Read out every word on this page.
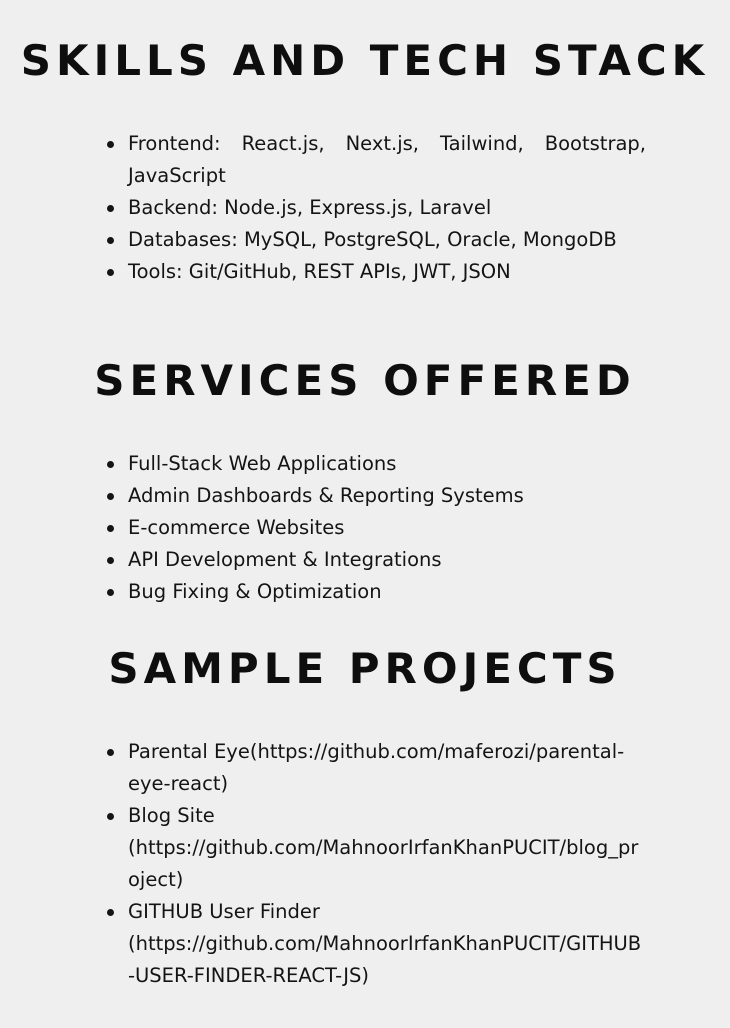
SKILLS AND TECH STACK
Frontend: React.js, Next.js, Tailwind, Bootstrap, JavaScript
Backend: Node.js, Express.js, Laravel
Databases: MySQL, PostgreSQL, Oracle, MongoDB
Tools: Git/GitHub, REST APIs, JWT, JSON
SERVICES OFFERED
Full-Stack Web Applications
Admin Dashboards & Reporting Systems
E-commerce Websites
API Development & Integrations
Bug Fixing & Optimization
SAMPLE PROJECTS
Parental Eye(https://github.com/maferozi/parental-
eye-react)
Blog Site
(https://github.com/MahnoorIrfanKhanPUCIT/blog_project)
GITHUB User Finder
(https://github.com/MahnoorIrfanKhanPUCIT/GITHUB-USER-FINDER-REACT-JS)
